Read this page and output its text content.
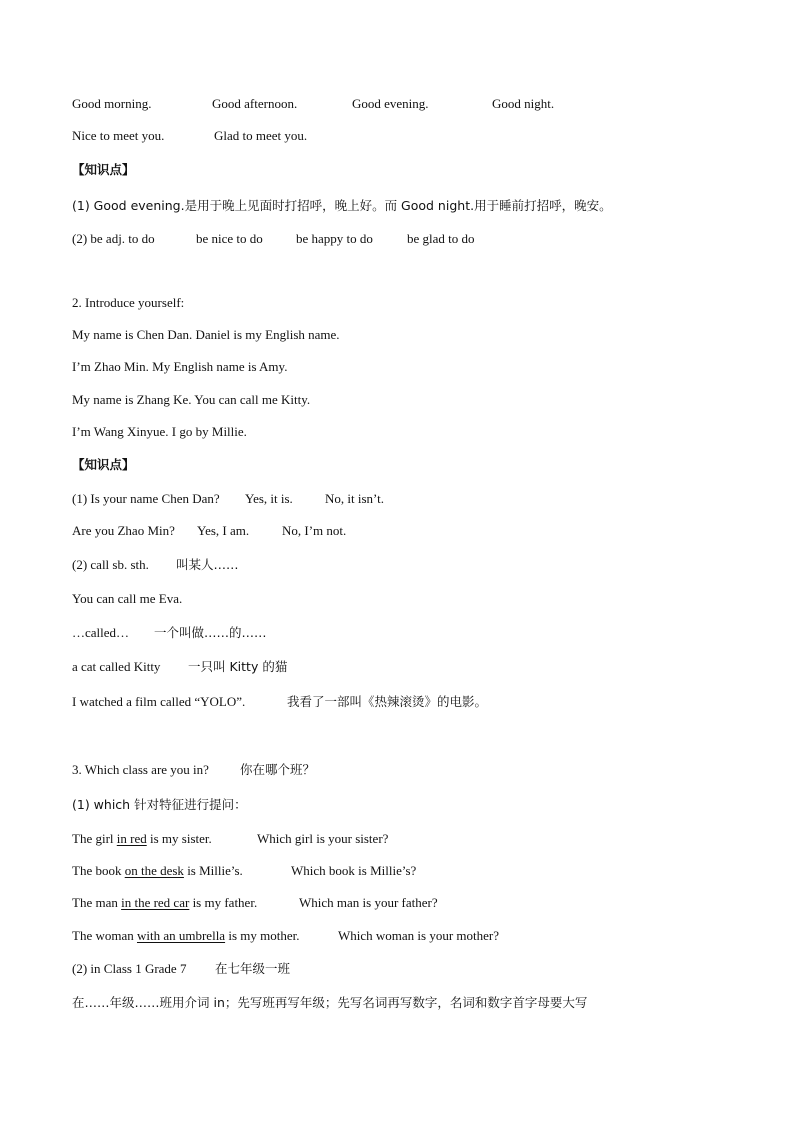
Good morning.	Good afternoon.	Good evening.	Good night.
Nice to meet you.	Glad to meet you.
【知识点】
(1) Good evening.是用于晚上见面时打招呼，晚上好。而 Good night.用于睡前打招呼，晚安。
(2) be adj. to do	be nice to do	be happy to do	be glad to do
2. Introduce yourself:
My name is Chen Dan. Daniel is my English name.
I’m Zhao Min. My English name is Amy.
My name is Zhang Ke. You can call me Kitty.
I’m Wang Xinyue. I go by Millie.
【知识点】
(1) Is your name Chen Dan? Yes, it is. No, it isn’t.
Are you Zhao Min? Yes, I am.	No, I’m not.
(2) call sb. sth. 叫某人……
You can call me Eva.
…called… 一个叫做……的……
a cat called Kitty 一只叫 Kitty 的猫
I watched a film called “YOLO”.	我看了一部叫《热辣滚烫》的电影。
3. Which class are you in? 你在哪个班？
(1) which 针对特征进行提问：
The girl in red is my sister.	Which girl is your sister?
The book on the desk is Millie’s.	Which book is Millie’s?
The man in the red car is my father.	Which man is your father?
The woman with an umbrella is my mother.	Which woman is your mother?
(2) in Class 1 Grade 7 在七年级一班
在……年级……班用介词 in；先写班再写年级；先写名词再写数字，名词和数字首字母要大写
